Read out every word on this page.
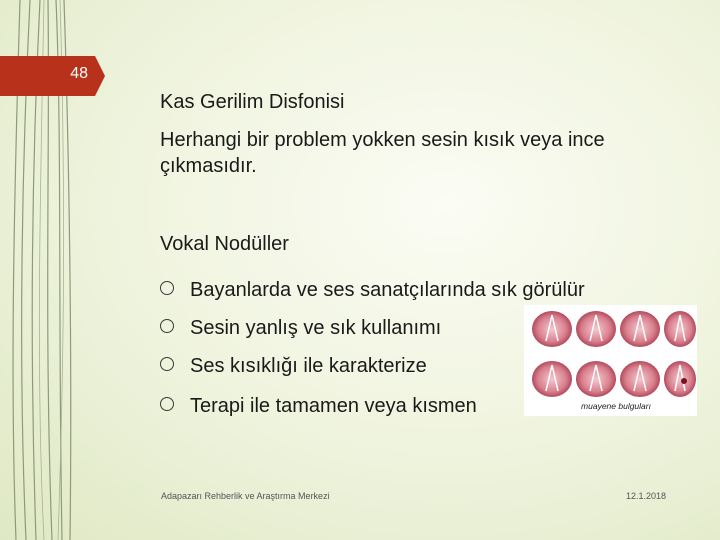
48
Kas Gerilim Disfonisi
Herhangi bir problem yokken sesin kısık veya ince çıkmasıdır.
Vokal Nodüller
Bayanlarda ve ses sanatçılarında sık görülür
Sesin yanlış ve sık kullanımı
Ses kısıklığı ile karakterize
Terapi ile tamamen veya kısmen	muayene bulguları
Adapazarı Rehberlik ve Araştırma Merkezi	12.1.2018
